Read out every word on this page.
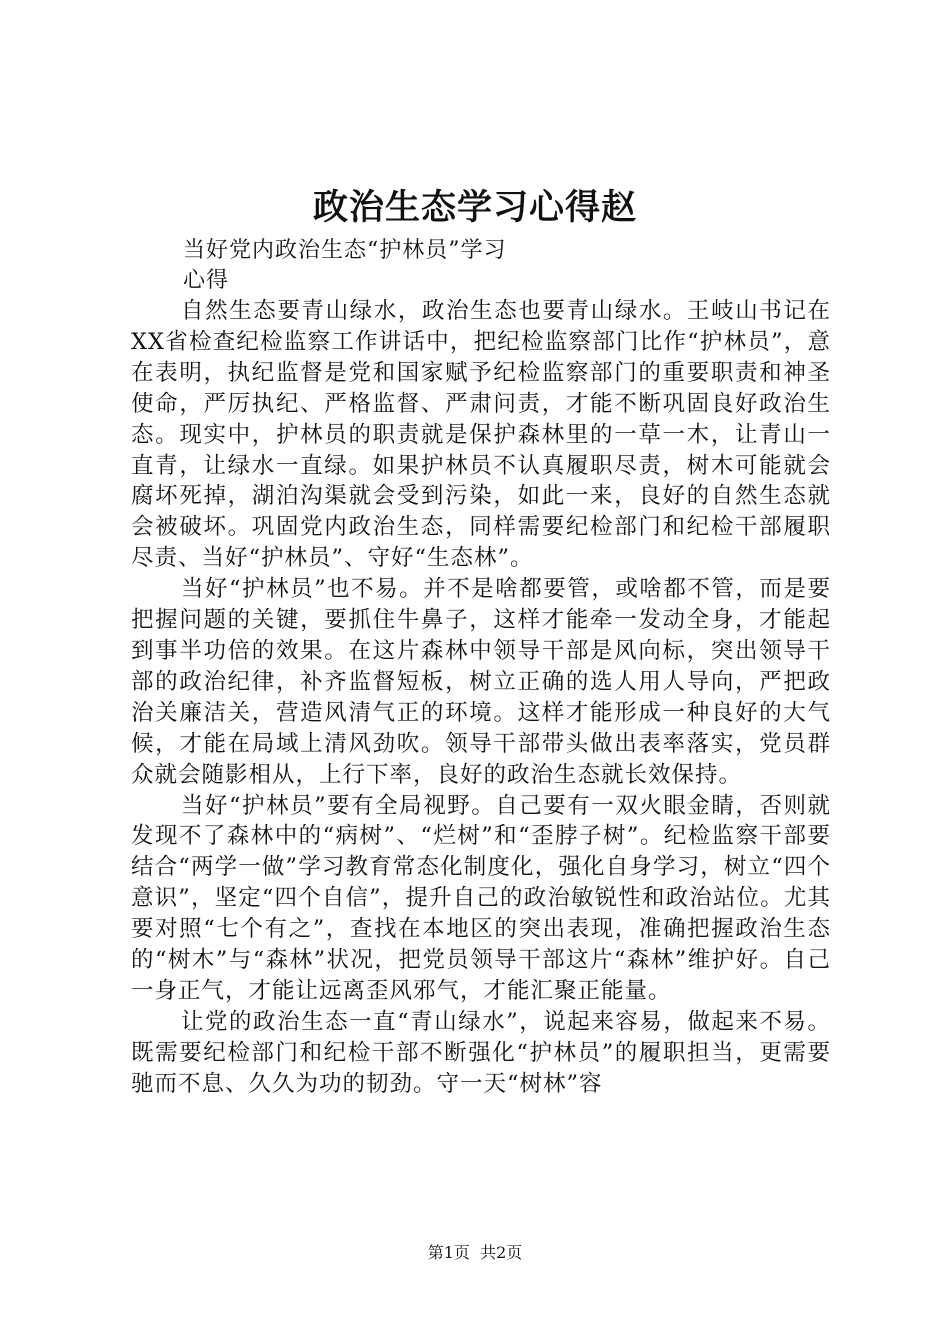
政治生态学习心得赵
当好党内政治生态“护林员”学习
心得

自然生态要青山绿水，政治生态也要青山绿水。王岐山书记在XX省检查纪检监察工作讲话中，把纪检监察部门比作“护林员”，意在表明，执纪监督是党和国家赋予纪检监察部门的重要职责和神圣使命，严厉执纪、严格监督、严肃问责，才能不断巩固良好政治生态。现实中，护林员的职责就是保护森林里的一草一木，让青山一直青，让绿水一直绿。如果护林员不认真履职尽责，树木可能就会腐坏死掉，湖泊沟渠就会受到污染，如此一来，良好的自然生态就会被破坏。巩固党内政治生态，同样需要纪检部门和纪检干部履职尽责、当好“护林员”、守好“生态林”。

当好“护林员”也不易。并不是啥都要管，或啥都不管，而是要把握问题的关键，要抓住牛鼻子，这样才能牵一发动全身，才能起到事半功倍的效果。在这片森林中领导干部是风向标，突出领导干部的政治纪律，补齐监督短板，树立正确的选人用人导向，严把政治关廉洁关，营造风清气正的环境。这样才能形成一种良好的大气候，才能在局域上清风劲吹。领导干部带头做出表率落实，党员群众就会随影相从，上行下率，良好的政治生态就长效保持。

当好“护林员”要有全局视野。自己要有一双火眼金睛，否则就发现不了森林中的“病树”、“烂树”和“歪脖子树”。纪检监察干部要结合“两学一做”学习教育常态化制度化，强化自身学习，树立“四个意识”，坚定“四个自信”，提升自己的政治敏锐性和政治站位。尤其要对照“七个有之”，查找在本地区的突出表现，准确把握政治生态的“树木”与“森林”状况，把党员领导干部这片“森林”维护好。自己一身正气，才能让远离歪风邪气，才能汇聚正能量。

让党的政治生态一直“青山绿水”，说起来容易，做起来不易。既需要纪检部门和纪检干部不断强化“护林员”的履职担当，更需要驰而不息、久久为功的韧劲。守一天“树林”容

第1页  共2页
